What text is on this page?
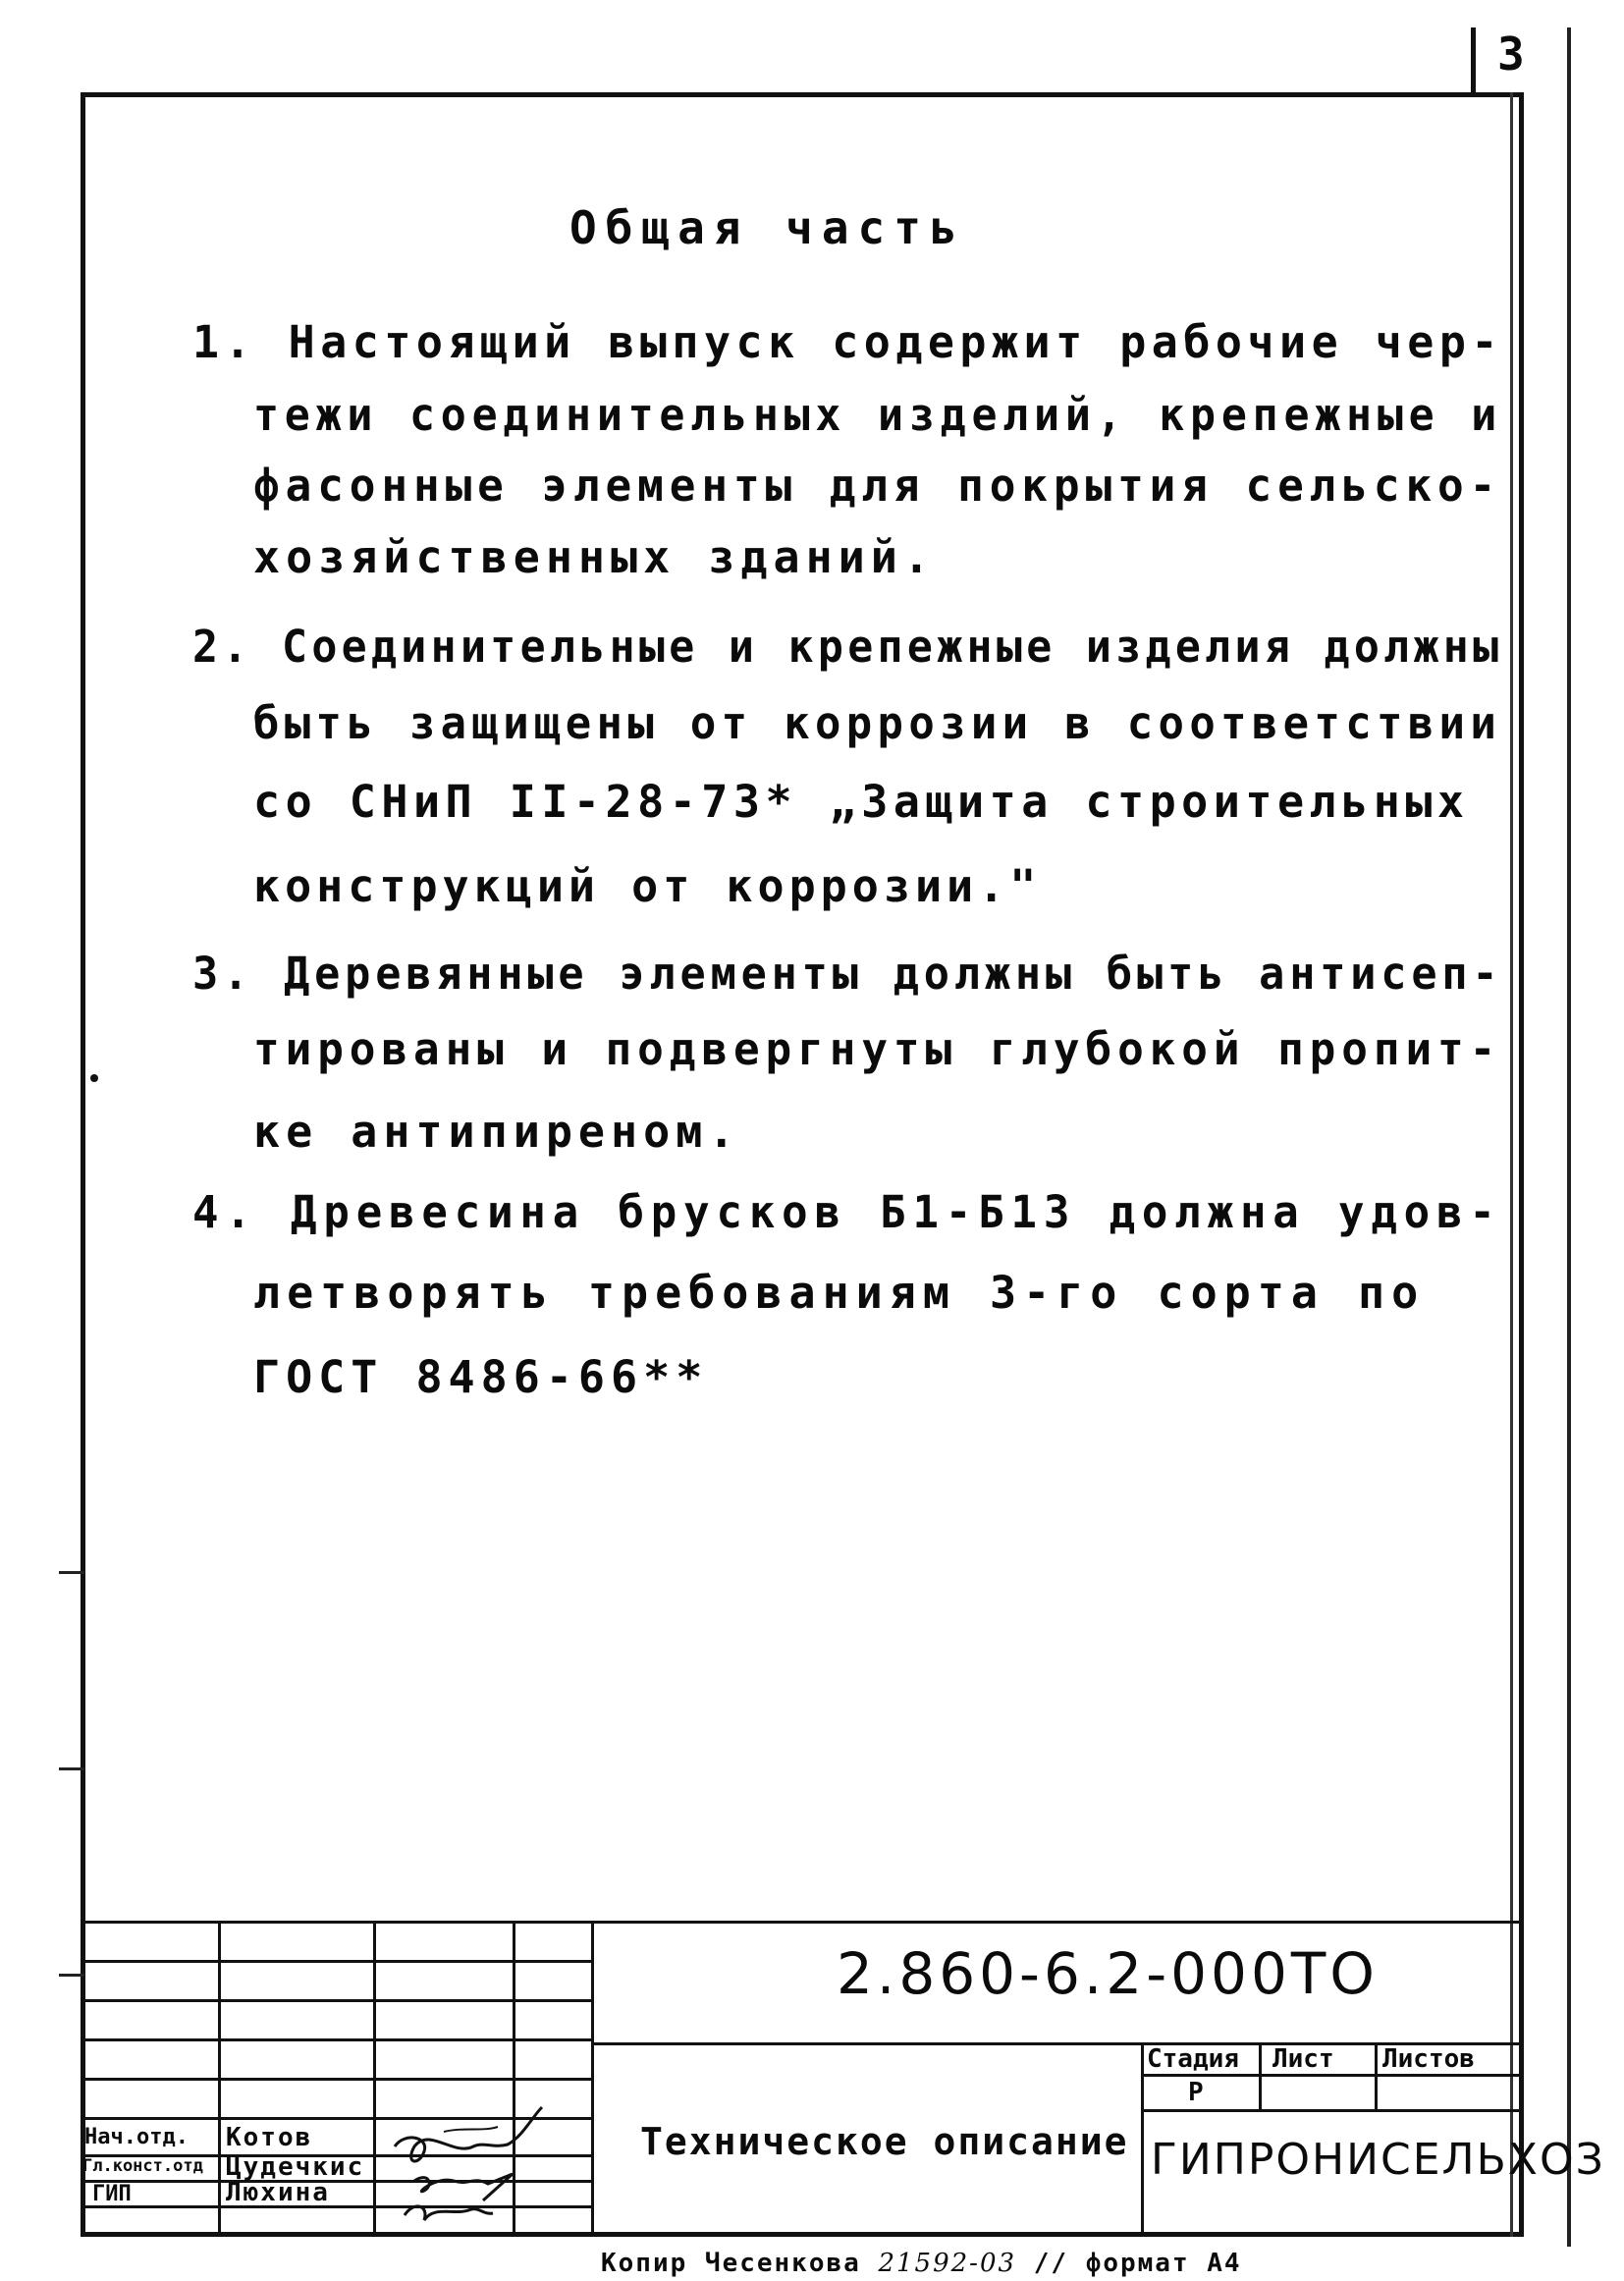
3
Общая часть
1. Настоящий выпуск содержит рабочие чер-
тежи соединительных изделий, крепежные и
фасонные элементы для покрытия сельско-
хозяйственных зданий.
2. Соединительные и крепежные изделия должны
быть защищены от коррозии в соответствии
со СНиП II-28-73* „Защита строительных
конструкций от коррозии."
3. Деревянные элементы должны быть антисеп-
тированы и подвергнуты глубокой пропит-
ке антипиреном.
4. Древесина брусков Б1-Б13 должна удов-
летворять требованиям 3-го сорта по
ГОСТ 8486-66**
2.860-6.2-000ТО
Техническое описание
Стадия Лист Листов
Р
ГИПРОНИСЕЛЬХОЗ
Нач.отд. Котов
Гл.конст.отд Цудечкис
ГИП	Люхина
Копир Чесенкова 21592-03 // формат А4
